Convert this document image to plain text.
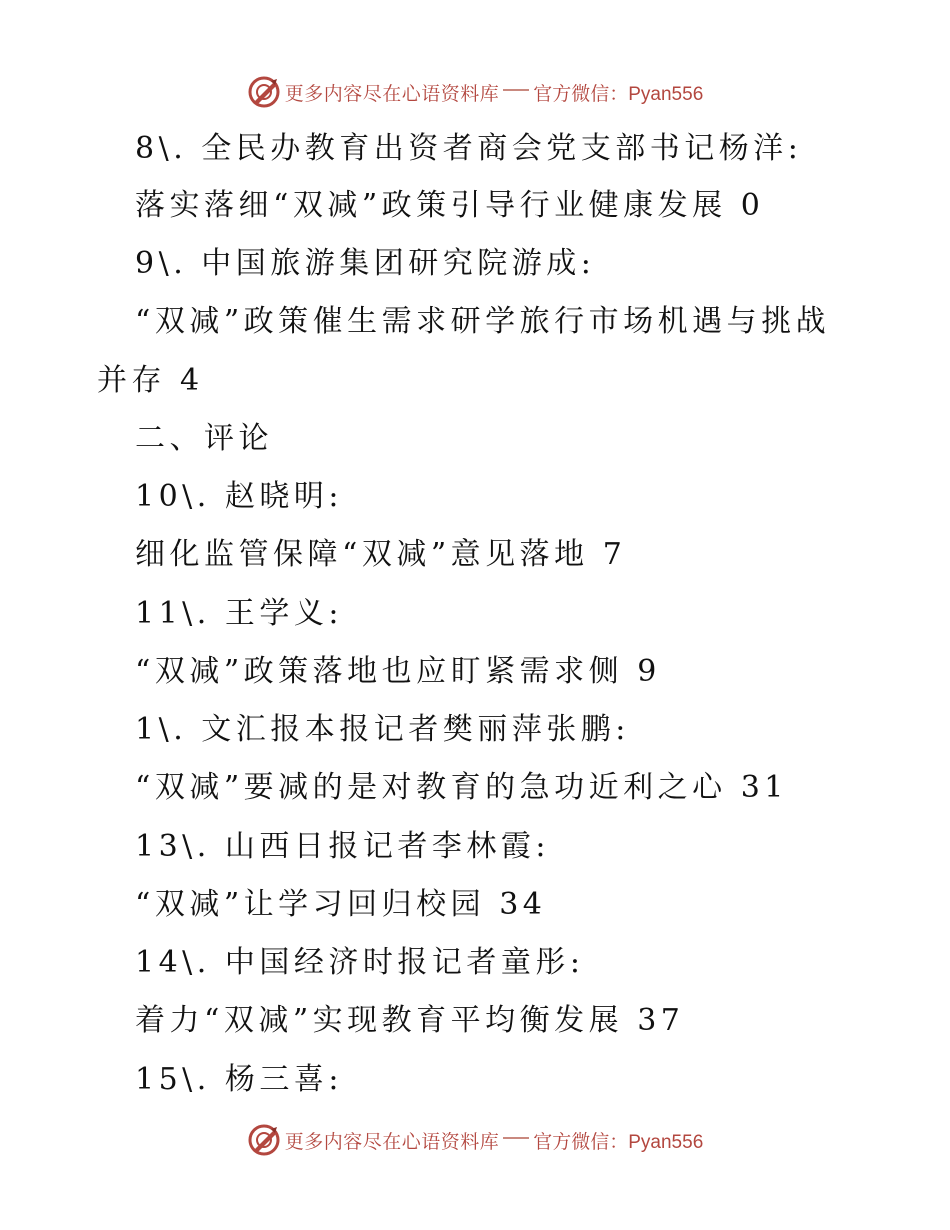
更多内容尽在心语资料库 官方微信：Pyan556
8\. 全民办教育出资者商会党支部书记杨洋:
落实落细“双减”政策引导行业健康发展 0
9\. 中国旅游集团研究院游成:
“双减”政策催生需求研学旅行市场机遇与挑战
并存 4
二、评论
10\. 赵晓明:
细化监管保障“双减”意见落地 7
11\. 王学义:
“双减”政策落地也应盯紧需求侧 9
1\. 文汇报本报记者樊丽萍张鹏:
“双减”要减的是对教育的急功近利之心 31
13\. 山西日报记者李林霞:
“双减”让学习回归校园 34
14\. 中国经济时报记者童彤:
着力“双减”实现教育平均衡发展 37
15\. 杨三喜:
更多内容尽在心语资料库 官方微信：Pyan556
